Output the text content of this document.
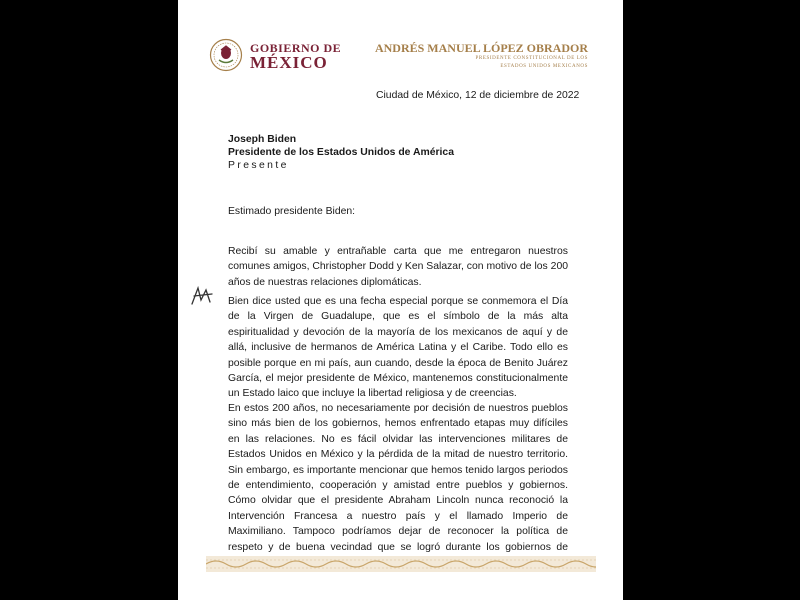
GOBIERNO DE
MÉXICO
ANDRÉS MANUEL LÓPEZ OBRADOR
PRESIDENTE CONSTITUCIONAL DE LOS
ESTADOS UNIDOS MEXICANOS
Ciudad de México, 12 de diciembre de 2022
Joseph Biden
Presidente de los Estados Unidos de América
Presente
Estimado presidente Biden:
Recibí su amable y entrañable carta que me entregaron nuestros comunes amigos, Christopher Dodd y Ken Salazar, con motivo de los 200 años de nuestras relaciones diplomáticas.
Bien dice usted que es una fecha especial porque se conmemora el Día de la Virgen de Guadalupe, que es el símbolo de la más alta espiritualidad y devoción de la mayoría de los mexicanos de aquí y de allá, inclusive de hermanos de América Latina y el Caribe. Todo ello es posible porque en mi país, aun cuando, desde la época de Benito Juárez García, el mejor presidente de México, mantenemos constitucionalmente un Estado laico que incluye la libertad religiosa y de creencias.
En estos 200 años, no necesariamente por decisión de nuestros pueblos sino más bien de los gobiernos, hemos enfrentado etapas muy difíciles en las relaciones. No es fácil olvidar las intervenciones militares de Estados Unidos en México y la pérdida de la mitad de nuestro territorio. Sin embargo, es importante mencionar que hemos tenido largos periodos de entendimiento, cooperación y amistad entre pueblos y gobiernos. Cómo olvidar que el presidente Abraham Lincoln nunca reconoció la Intervención Francesa a nuestro país y el llamado Imperio de Maximiliano. Tampoco podríamos dejar de reconocer la política de respeto y de buena vecindad que se logró durante los gobiernos de
